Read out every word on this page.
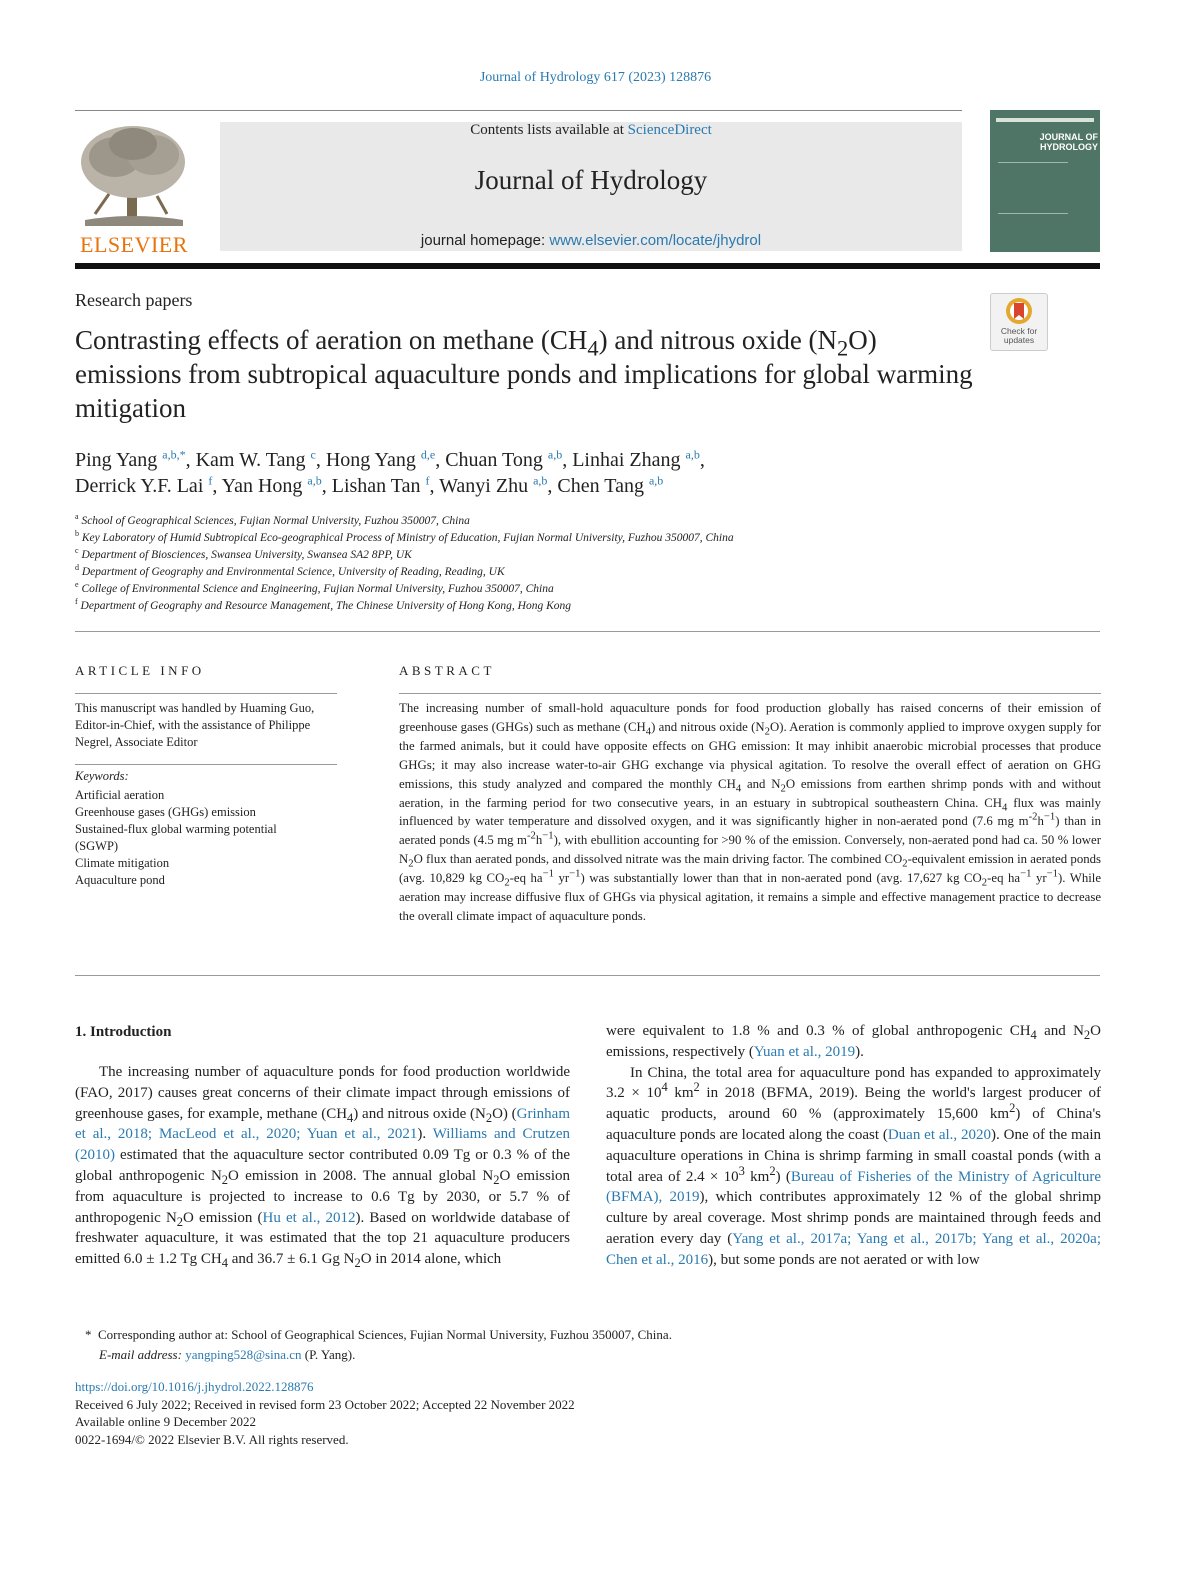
Journal of Hydrology 617 (2023) 128876
ELSEVIER
Contents lists available at ScienceDirect
Journal of Hydrology
journal homepage: www.elsevier.com/locate/jhydrol
JOURNAL OF
HYDROLOGY
Research papers
Check for updates
Contrasting effects of aeration on methane $(CH_4)$ and nitrous oxide $(N_2O)$ emissions from subtropical aquaculture ponds and implications for global warming mitigation
Ping Yang $^{a,b,*}$, Kam W. Tang $^c$, Hong Yang $^{d,e}$, Chuan Tong $^{a,b}$, Linhai Zhang $^{a,b}$,
Derrick Y.F. Lai $^f$, Yan Hong $^{a,b}$, Lishan Tan $^f$, Wanyi Zhu $^{a,b}$, Chen Tang $^{a,b}$
$^a$ School of Geographical Sciences, Fujian Normal University, Fuzhou 350007, China
$^b$ Key Laboratory of Humid Subtropical Eco-geographical Process of Ministry of Education, Fujian Normal University, Fuzhou 350007, China
$^c$ Department of Biosciences, Swansea University, Swansea SA2 8PP, UK
$^d$ Department of Geography and Environmental Science, University of Reading, Reading, UK
$^e$ College of Environmental Science and Engineering, Fujian Normal University, Fuzhou 350007, China
$^f$ Department of Geography and Resource Management, The Chinese University of Hong Kong, Hong Kong
ARTICLE INFO
This manuscript was handled by Huaming Guo, Editor-in-Chief, with the assistance of Philippe Negrel, Associate Editor
Keywords:
Artificial aeration
Greenhouse gases (GHGs) emission
Sustained-flux global warming potential
(SGWP)
Climate mitigation
Aquaculture pond
ABSTRACT
The increasing number of small-hold aquaculture ponds for food production globally has raised concerns of their emission of greenhouse gases (GHGs) such as methane $(CH_4)$ and nitrous oxide $(N_2O)$. Aeration is commonly applied to improve oxygen supply for the farmed animals, but it could have opposite effects on GHG emission: It may inhibit anaerobic microbial processes that produce GHGs; it may also increase water-to-air GHG exchange via physical agitation. To resolve the overall effect of aeration on GHG emissions, this study analyzed and compared the monthly $CH_4$ and $N_2O$ emissions from earthen shrimp ponds with and without aeration, in the farming period for two consecutive years, in an estuary in subtropical southeastern China. $CH_4$ flux was mainly influenced by water temperature and dissolved oxygen, and it was significantly higher in non-aerated pond (7.6 mg $m^{-2}h^{-1}$) than in aerated ponds (4.5 mg $m^{-2}h^{-1}$), with ebullition accounting for >90 % of the emission. Conversely, non-aerated pond had ca. 50 % lower $N_2O$ flux than aerated ponds, and dissolved nitrate was the main driving factor. The combined $CO_2$-equivalent emission in aerated ponds (avg. 10,829 kg $CO_2-eq$ $ha^{-1}$ $yr^{-1}$) was substantially lower than that in non-aerated pond (avg. 17,627 kg $CO_2-eq$ $ha^{-1}$ $yr^{-1}$). While aeration may increase diffusive flux of GHGs via physical agitation, it remains a simple and effective management practice to decrease the overall climate impact of aquaculture ponds.
1. Introduction

The increasing number of aquaculture ponds for food production worldwide (FAO, 2017) causes great concerns of their climate impact through emissions of greenhouse gases, for example, methane $(CH_4)$ and nitrous oxide $(N_2O)$ (Grinham et al., 2018; MacLeod et al., 2020; Yuan et al., 2021). Williams and Crutzen (2010) estimated that the aquaculture sector contributed 0.09 Tg or 0.3 % of the global anthropogenic $N_2O$ emission in 2008. The annual global $N_2O$ emission from aquaculture is projected to increase to 0.6 Tg by 2030, or 5.7 % of anthropogenic $N_2O$ emission (Hu et al., 2012). Based on worldwide database of freshwater aquaculture, it was estimated that the top 21 aquaculture producers emitted 6.0 ± 1.2 Tg $CH_4$ and 36.7 ± 6.1 Gg $N_2O$ in 2014 alone, which

were equivalent to 1.8 % and 0.3 % of global anthropogenic $CH_4$ and $N_2O$ emissions, respectively (Yuan et al., 2019).

In China, the total area for aquaculture pond has expanded to approximately $3.2 \times 10^4$ $km^2$ in 2018 (BFMA, 2019). Being the world's largest producer of aquatic products, around 60 % (approximately 15,600 $km^2$) of China's aquaculture ponds are located along the coast (Duan et al., 2020). One of the main aquaculture operations in China is shrimp farming in small coastal ponds (with a total area of $2.4 \times 10^3$ $km^2$) (Bureau of Fisheries of the Ministry of Agriculture (BFMA), 2019), which contributes approximately 12 % of the global shrimp culture by areal coverage. Most shrimp ponds are maintained through feeds and aeration every day (Yang et al., 2017a; Yang et al., 2017b; Yang et al., 2020a; Chen et al., 2016), but some ponds are not aerated or with low

*  Corresponding author at: School of Geographical Sciences, Fujian Normal University, Fuzhou 350007, China.
E-mail address: yangping528@sina.cn (P. Yang).
https://doi.org/10.1016/j.jhydrol.2022.128876
Received 6 July 2022; Received in revised form 23 October 2022; Accepted 22 November 2022
Available online 9 December 2022
0022-1694/© 2022 Elsevier B.V. All rights reserved.
